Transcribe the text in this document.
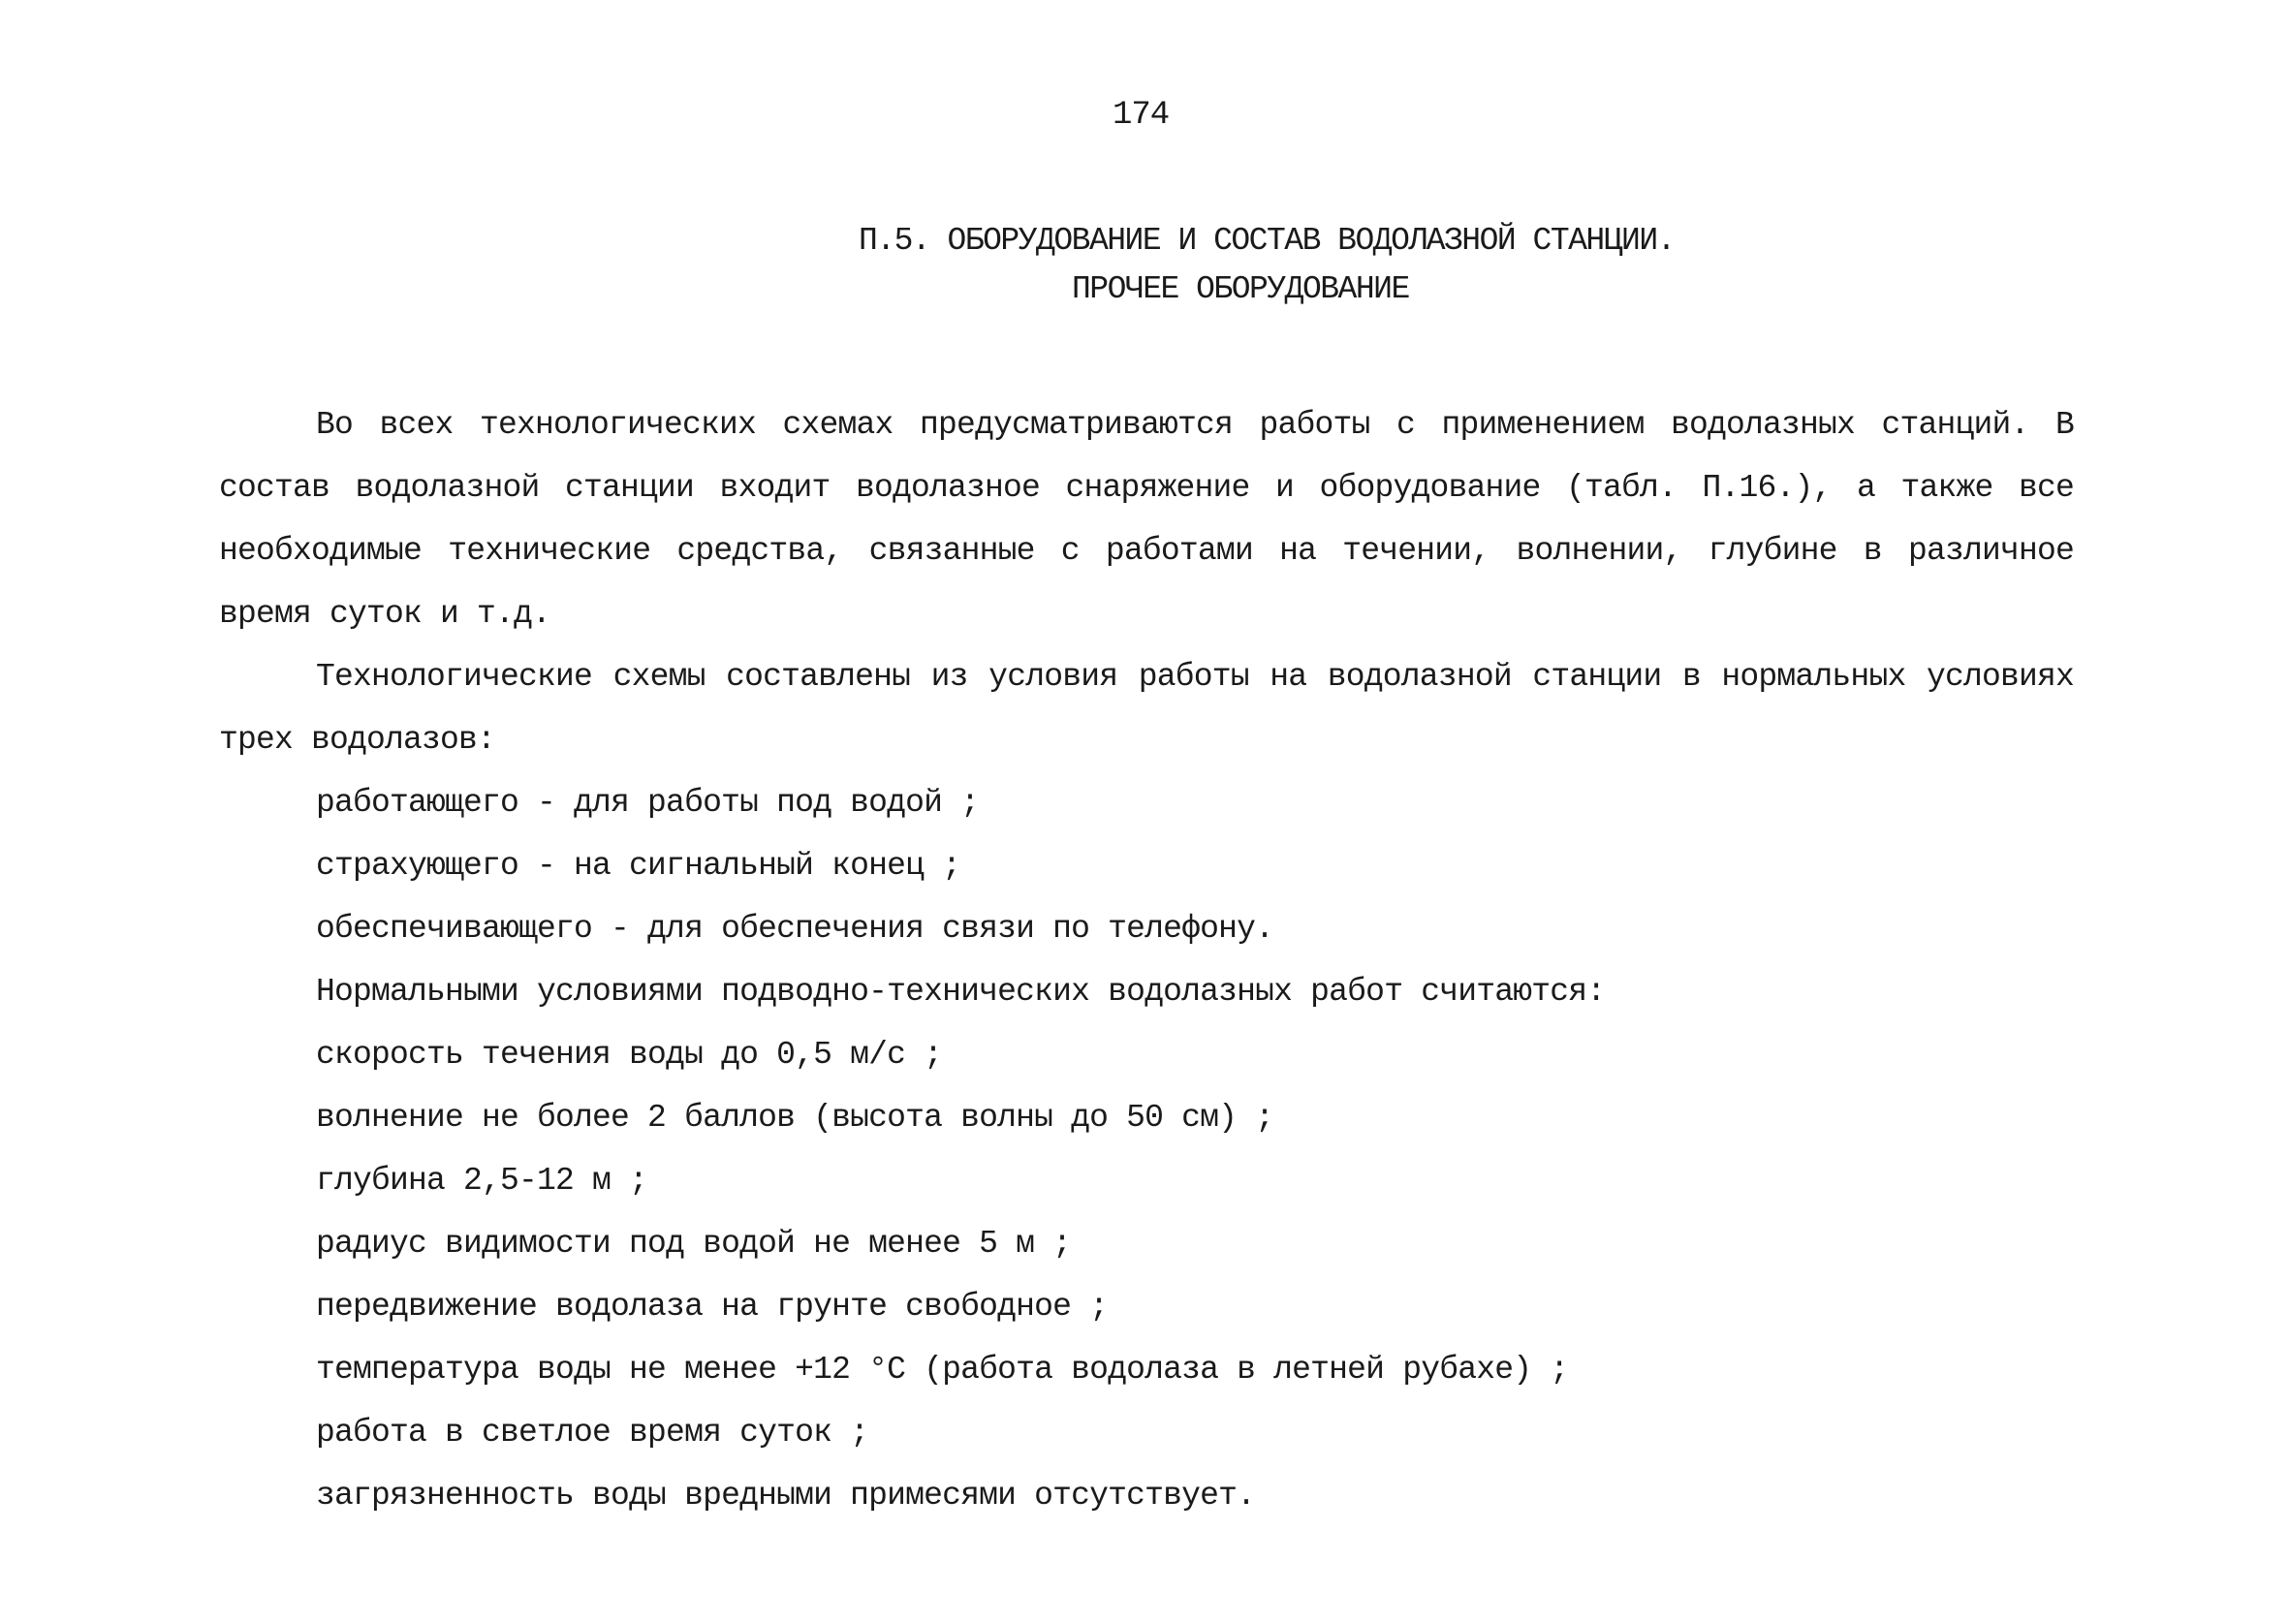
174
П.5. ОБОРУДОВАНИЕ И СОСТАВ ВОДОЛАЗНОЙ СТАНЦИИ.
ПРОЧЕЕ ОБОРУДОВАНИЕ

Во всех технологических схемах предусматриваются работы с применением водолазных станций. В состав водолазной станции входит водолазное снаряжение и оборудование (табл. П.16.), а также все необходимые технические средства, связанные с работами на течении, волнении, глубине в различное время суток и т.д.

Технологические схемы составлены из условия работы на водолазной станции в нормальных условиях трех водолазов:

работающего - для работы под водой ;

страхующего - на сигнальный конец ;

обеспечивающего - для обеспечения связи по телефону.

Нормальными условиями подводно-технических водолазных работ считаются:

скорость течения воды до 0,5 м/с ;

волнение не более 2 баллов (высота волны до 50 см) ;

глубина 2,5-12 м ;

радиус видимости под водой не менее 5 м ;

передвижение водолаза на грунте свободное ;

температура воды не менее +12 °С (работа водолаза в летней рубахе) ;

работа в светлое время суток ;

загрязненность воды вредными примесями отсутствует.
